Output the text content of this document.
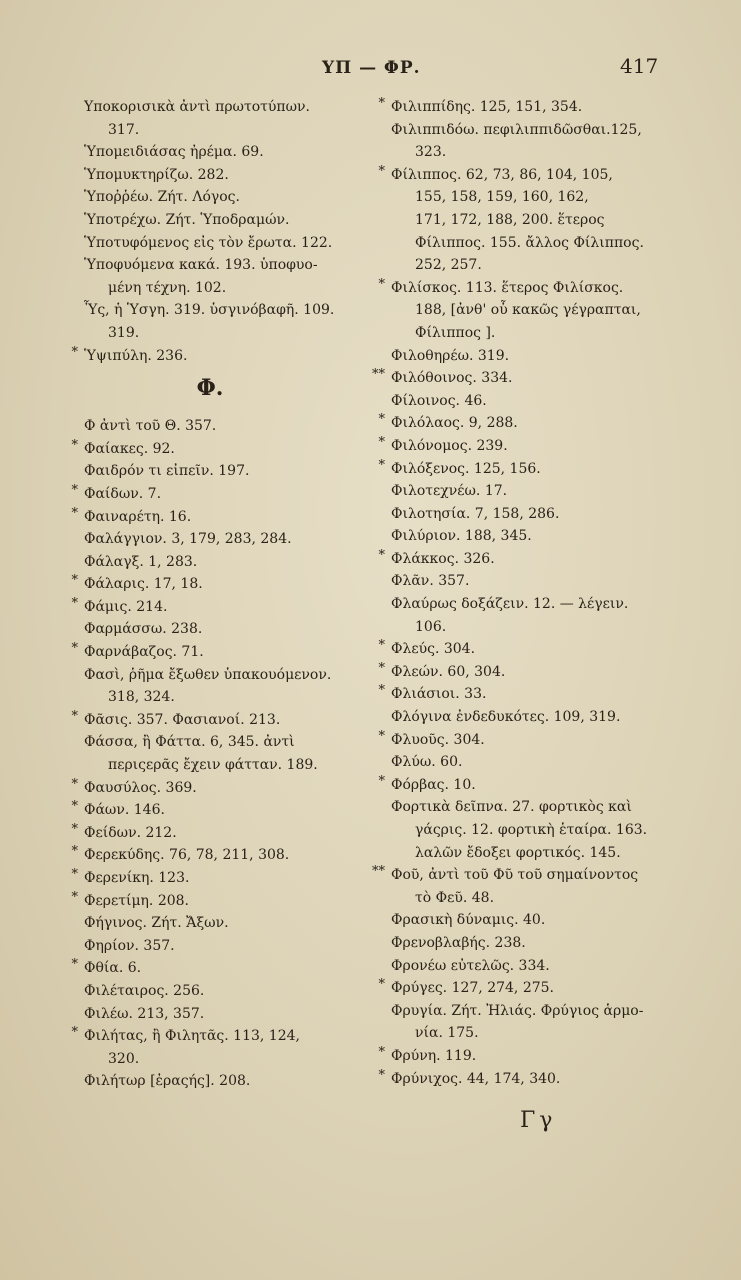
ΥΠ — ΦΡ.	417
Υποκορισικὰ ἀντὶ πρωτοτύπων.
317.
Ὑπομειδιάσας ἠρέμα. 69.
Ὑπομυκτηρίζω. 282.
Ὑποῤῥέω. Ζήτ. Λόγος.
Ὑποτρέχω. Ζήτ. Ὑποδραμών.
Ὑποτυφόμενος εἰς τὸν ἔρωτα. 122.
Ὑποφυόμενα κακά. 193. ὑποφυο-
μένη τέχνη. 102.
Ὗς, ἡ Ὑσγη. 319. ὑσγινόβαφῆ. 109.
319.
* Ὑψιπύλη. 236.
Φ.
Φ ἀντὶ τοῦ Θ. 357.
* Φαίακες. 92.
Φαιδρόν τι εἰπεῖν. 197.
* Φαίδων. 7.
* Φαιναρέτη. 16.
Φαλάγγιον. 3, 179, 283, 284.
Φάλαγξ. 1, 283.
* Φάλαρις. 17, 18.
* Φάμις. 214.
Φαρμάσσω. 238.
* Φαρνάβαζος. 71.
Φασὶ, ῥῆμα ἔξωθεν ὑπακουόμενον.
318, 324.
* Φᾶσις. 357. Φασιανοί. 213.
Φάσσα, ἢ Φάττα. 6, 345. ἀντὶ
περιςερᾶς ἔχειν φάτταν. 189.
* Φαυσύλος. 369.
* Φάων. 146.
* Φείδων. 212.
* Φερεκύδης. 76, 78, 211, 308.
* Φερενίκη. 123.
* Φερετίμη. 208.
Φήγινος. Ζήτ. Ἄξων.
Φηρίον. 357.
* Φθία. 6.
Φιλέταιρος. 256.
Φιλέω. 213, 357.
* Φιλήτας, ἢ Φιλητᾶς. 113, 124,
320.
Φιλήτωρ [ἐραςής]. 208.
* Φιλιππίδης. 125, 151, 354.
Φιλιππιδόω. πεφιλιππιδῶσθαι.125,
323.
* Φίλιππος. 62, 73, 86, 104, 105,
155, 158, 159, 160, 162,
171, 172, 188, 200. ἕτερος
Φίλιππος. 155. ἄλλος Φίλιππος.
252, 257.
* Φιλίσκος. 113. ἕτερος Φιλίσκος.
188, [ἀνθ' οὗ κακῶς γέγραπται,
Φίλιππος ].
Φιλοθηρέω. 319.
** Φιλόθοινος. 334.
Φίλοινος. 46.
* Φιλόλαος. 9, 288.
* Φιλόνομος. 239.
* Φιλόξενος. 125, 156.
Φιλοτεχνέω. 17.
Φιλοτησία. 7, 158, 286.
Φιλύριον. 188, 345.
* Φλάκκος. 326.
Φλᾶν. 357.
Φλαύρως δοξάζειν. 12. — λέγειν.
106.
* Φλεύς. 304.
* Φλεών. 60, 304.
* Φλιάσιοι. 33.
Φλόγινα ἐνδεδυκότες. 109, 319.
* Φλυοῦς. 304.
Φλύω. 60.
* Φόρβας. 10.
Φορτικὰ δεῖπνα. 27. φορτικὸς καὶ
γάςρις. 12. φορτικὴ ἑταίρα. 163.
λαλῶν ἔδοξει φορτικός. 145.
** Φοῦ, ἀντὶ τοῦ Φῦ τοῦ σημαίνοντος
τὸ Φεῦ. 48.
Φρασικὴ δύναμις. 40.
Φρενοβλαβής. 238.
Φρονέω εὐτελῶς. 334.
* Φρύγες. 127, 274, 275.
Φρυγία. Ζήτ. Ἠλιάς. Φρύγιος ἁρμο-
νία. 175.
* Φρύνη. 119.
* Φρύνιχος. 44, 174, 340.
Γγ
